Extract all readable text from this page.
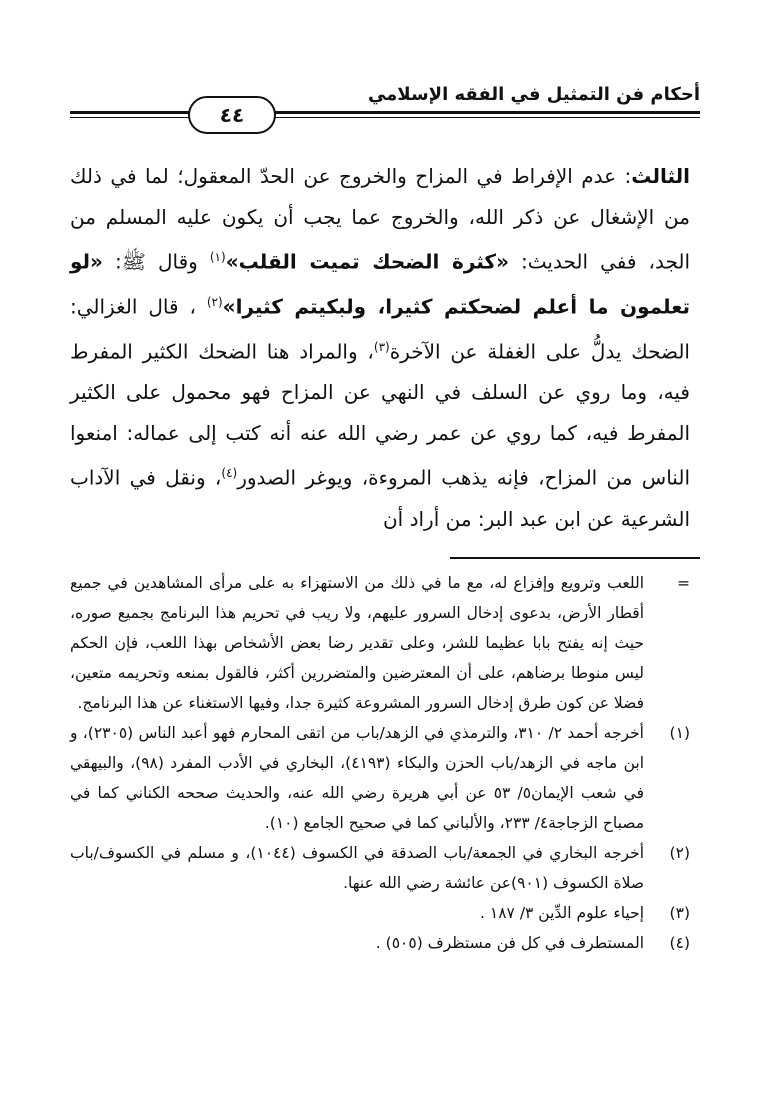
أحكام فن التمثيل في الفقه الإسلامي
٤٤

الثالث: عدم الإفراط في المزاح والخروج عن الحدّ المعقول؛ لما في ذلك من الإشغال عن ذكر الله، والخروج عما يجب أن يكون عليه المسلم من الجد، ففي الحديث: «كثرة الضحك تميت القلب»$^{(١)}$ وقال ﷺ: «لو تعلمون ما أعلم لضحكتم كثيرا، ولبكيتم كثيرا»$^{(٢)}$ ، قال الغزالي: الضحك يدلُّ على الغفلة عن الآخرة$^{(٣)}$، والمراد هنا الضحك الكثير المفرط فيه، وما روي عن السلف في النهي عن المزاح فهو محمول على الكثير المفرط فيه، كما روي عن عمر رضي الله عنه أنه كتب إلى عماله: امنعوا الناس من المزاح، فإنه يذهب المروءة، ويوغر الصدور$^{(٤)}$، ونقل في الآداب الشرعية عن ابن عبد البر: من أراد أن

=
اللعب وترويع وإفزاع له، مع ما في ذلك من الاستهزاء به على مرأى المشاهدين في جميع أقطار الأرض، بدعوى إدخال السرور عليهم، ولا ريب في تحريم هذا البرنامج بجميع صوره، حيث إنه يفتح بابا عظيما للشر، وعلى تقدير رضا بعض الأشخاص بهذا اللعب، فإن الحكم ليس منوطا برضاهم، على أن المعترضين والمتضررين أكثر، فالقول بمنعه وتحريمه متعين، فضلا عن كون طرق إدخال السرور المشروعة كثيرة جدا، وفيها الاستغناء عن هذا البرنامج.
(١)
أخرجه أحمد ٢/ ٣١٠، والترمذي في الزهد/باب من اتقى المحارم فهو أعبد الناس (٢٣٠٥)، و ابن ماجه في الزهد/باب الحزن والبكاء (٤١٩٣)، البخاري في الأدب المفرد (٩٨)، والبيهقي في شعب الإيمان٥/ ٥٣ عن أبي هريرة رضي الله عنه، والحديث صححه الكناني كما في مصباح الزجاجة٤/ ٢٣٣، والألباني كما في صحيح الجامع (١٠).
(٢)
أخرجه البخاري في الجمعة/باب الصدقة في الكسوف (١٠٤٤)، و مسلم في الكسوف/باب صلاة الكسوف (٩٠١)عن عائشة رضي الله عنها.
(٣)
إحياء علوم الدِّين ٣/ ١٨٧ .
(٤)
المستطرف في كل فن مستظرف (٥٠٥) .
